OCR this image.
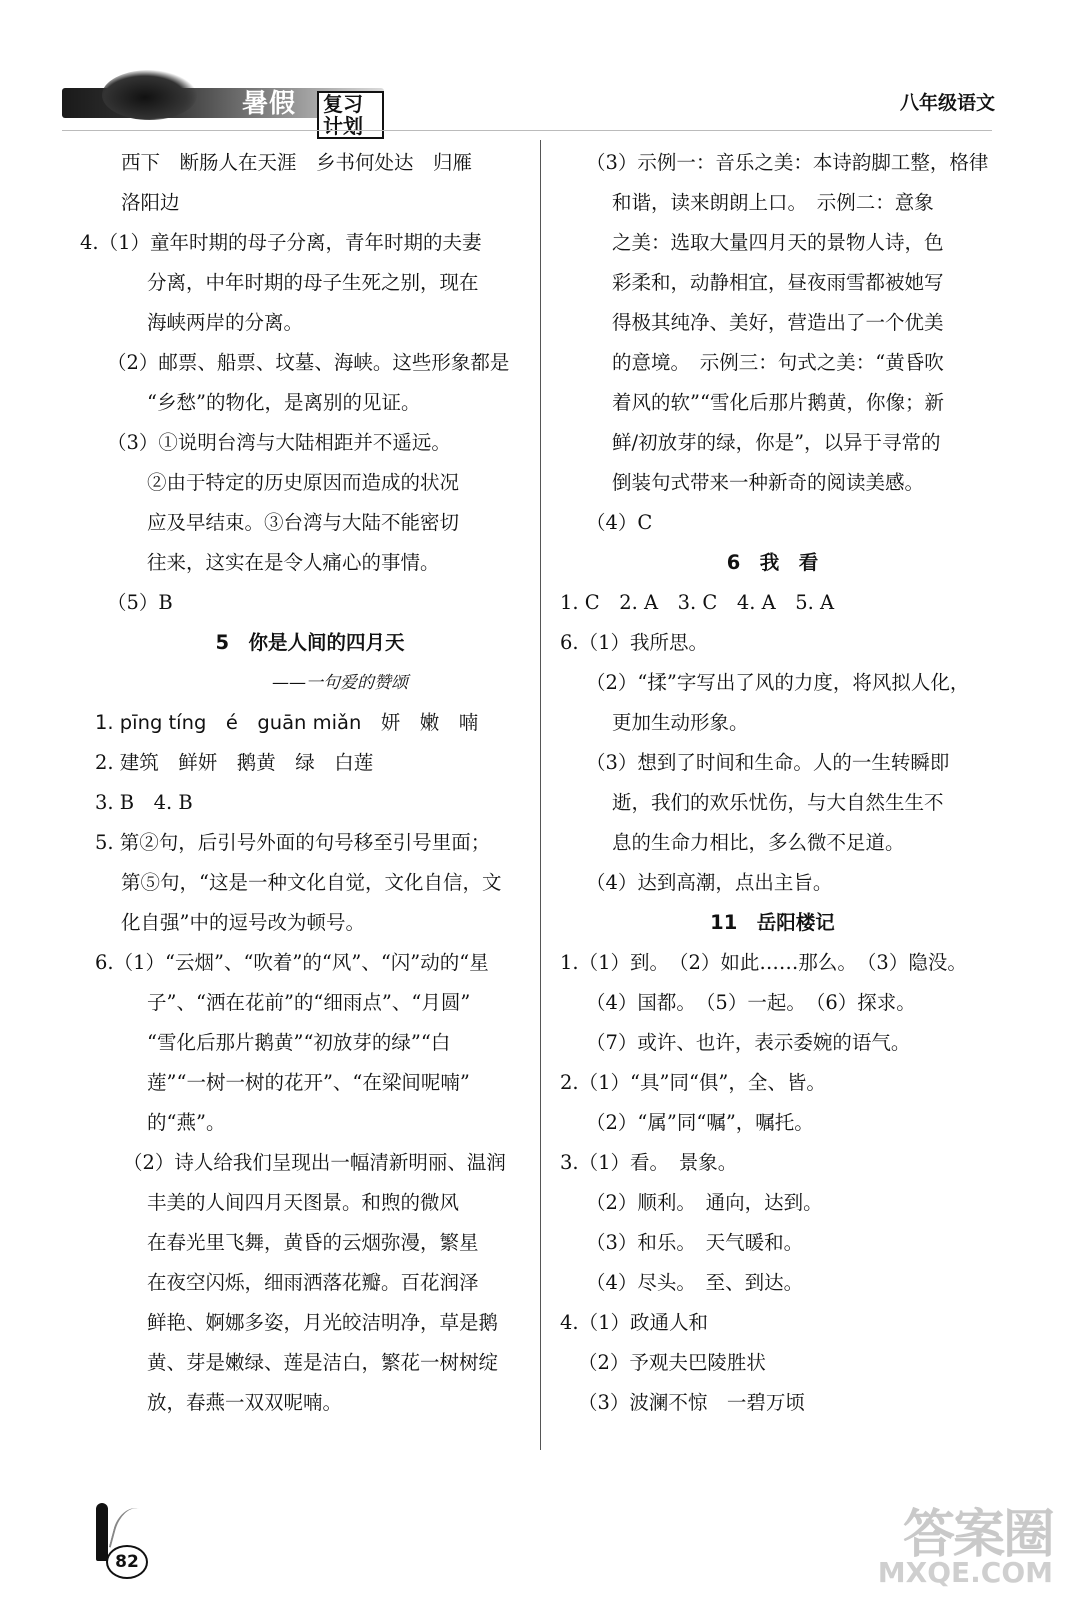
暑假	复习计划
八年级语文

西下　断肠人在天涯　乡书何处达　归雁

洛阳边

4.（1）童年时期的母子分离，青年时期的夫妻

分离，中年时期的母子生死之别，现在

海峡两岸的分离。

（2）邮票、船票、坟墓、海峡。这些形象都是

“乡愁”的物化，是离别的见证。

（3）①说明台湾与大陆相距并不遥远。

②由于特定的历史原因而造成的状况

应及早结束。③台湾与大陆不能密切

往来，这实在是令人痛心的事情。

（5）B

5　你是人间的四月天

——一句爱的赞颂

1. pīng tíng　é　guān miǎn　妍　嫩　喃

2. 建筑　鲜妍　鹅黄　绿　白莲

3. B　4. B

5. 第②句，后引号外面的句号移至引号里面；

第⑤句，“这是一种文化自觉，文化自信，文

化自强”中的逗号改为顿号。

6.（1）“云烟”、“吹着”的“风”、“闪”动的“星

子”、“洒在花前”的“细雨点”、“月圆”

“雪化后那片鹅黄”“初放芽的绿”“白

莲”“一树一树的花开”、“在梁间呢喃”

的“燕”。

（2）诗人给我们呈现出一幅清新明丽、温润

丰美的人间四月天图景。和煦的微风

在春光里飞舞，黄昏的云烟弥漫，繁星

在夜空闪烁，细雨洒落花瓣。百花润泽

鲜艳、婀娜多姿，月光皎洁明净，草是鹅

黄、芽是嫩绿、莲是洁白，繁花一树树绽

放，春燕一双双呢喃。

（3）示例一：音乐之美：本诗韵脚工整，格律

和谐，读来朗朗上口。　示例二：意象

之美：选取大量四月天的景物人诗，色

彩柔和，动静相宜，昼夜雨雪都被她写

得极其纯净、美好，营造出了一个优美

的意境。　示例三：句式之美：“黄昏吹

着风的软”“雪化后那片鹅黄，你像；新

鲜/初放芽的绿，你是”，以异于寻常的

倒装句式带来一种新奇的阅读美感。

（4）C

6　我　看

1. C　2. A　3. C　4. A　5. A

6.（1）我所思。

（2）“揉”字写出了风的力度，将风拟人化，

更加生动形象。

（3）想到了时间和生命。人的一生转瞬即

逝，我们的欢乐忧伤，与大自然生生不

息的生命力相比，多么微不足道。

（4）达到高潮，点出主旨。

11　岳阳楼记

1.（1）到。　（2）如此……那么。　（3）隐没。

（4）国都。　（5）一起。　（6）探求。

（7）或许、也许，表示委婉的语气。

2.（1）“具”同“俱”，全、皆。

（2）“属”同“嘱”，嘱托。

3.（1）看。　景象。

（2）顺利。　通向，达到。

（3）和乐。　天气暖和。

（4）尽头。　至、到达。

4.（1）政通人和

（2）予观夫巴陵胜状

（3）波澜不惊　一碧万顷

82	答案圈
MXQE.COM
